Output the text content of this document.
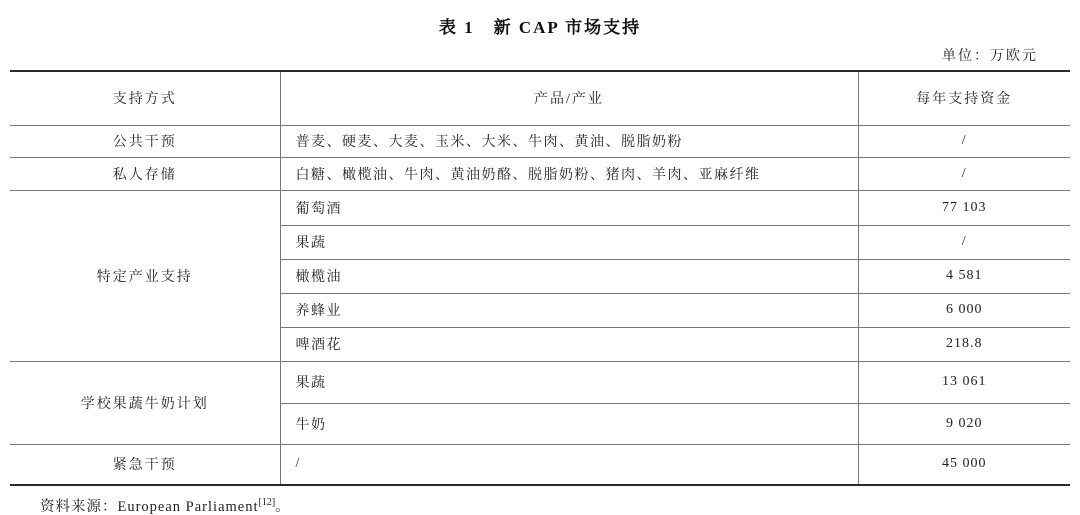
表 1　新 CAP 市场支持
单位：万欧元
支持方式	产品/产业	每年支持资金
公共干预	普麦、硬麦、大麦、玉米、大米、牛肉、黄油、脱脂奶粉	/
私人存储	白糖、橄榄油、牛肉、黄油奶酪、脱脂奶粉、猪肉、羊肉、亚麻纤维	/
特定产业支持	葡萄酒	77 103
	果蔬	/
	橄榄油	4 581
	养蜂业	6 000
	啤酒花	218.8
学校果蔬牛奶计划	果蔬	13 061
	牛奶	9 020
紧急干预	/	45 000
资料来源：European Parliament[12]。
